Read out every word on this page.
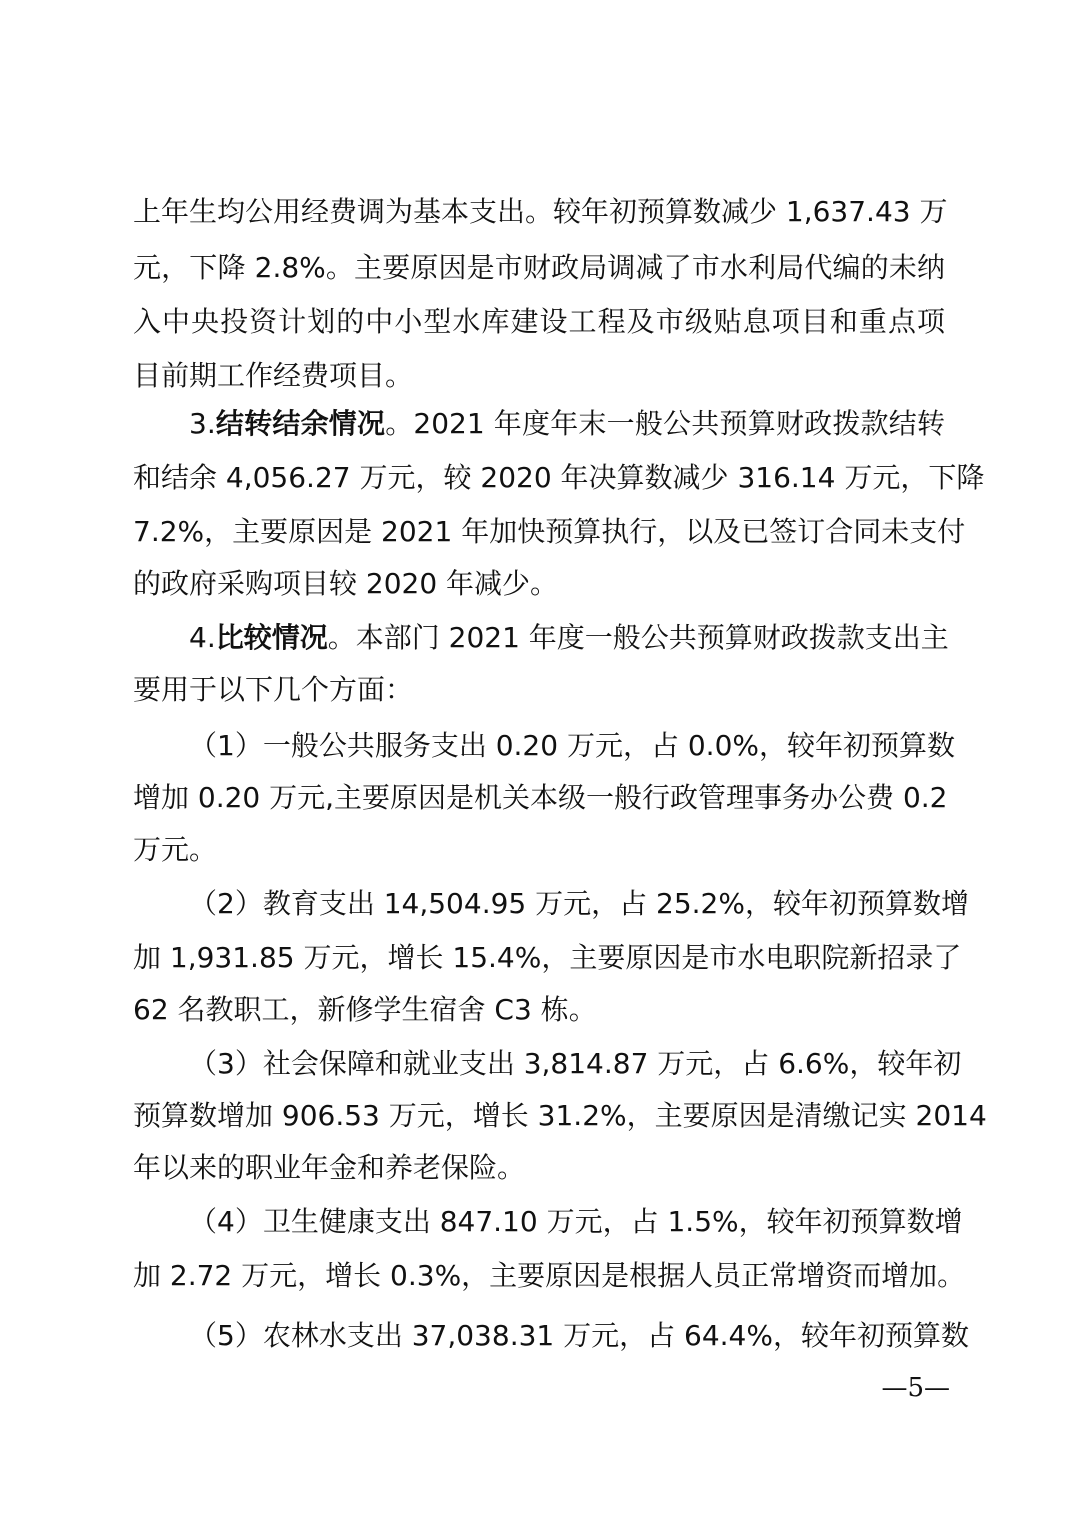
上年生均公用经费调为基本支出。较年初预算数减少 1,637.43 万
元，下降 2.8%。主要原因是市财政局调减了市水利局代编的未纳
入中央投资计划的中小型水库建设工程及市级贴息项目和重点项
目前期工作经费项目。
3.结转结余情况。2021 年度年末一般公共预算财政拨款结转
和结余 4,056.27 万元，较 2020 年决算数减少 316.14 万元，下降
7.2%，主要原因是 2021 年加快预算执行，以及已签订合同未支付
的政府采购项目较 2020 年减少。
4.比较情况。本部门 2021 年度一般公共预算财政拨款支出主
要用于以下几个方面：
（1）一般公共服务支出 0.20 万元，占 0.0%，较年初预算数
增加 0.20 万元,主要原因是机关本级一般行政管理事务办公费 0.2
万元。
（2）教育支出 14,504.95 万元，占 25.2%，较年初预算数增
加 1,931.85 万元，增长 15.4%，主要原因是市水电职院新招录了
62 名教职工，新修学生宿舍 C3 栋。
（3）社会保障和就业支出 3,814.87 万元，占 6.6%，较年初
预算数增加 906.53 万元，增长 31.2%，主要原因是清缴记实 2014
年以来的职业年金和养老保险。
（4）卫生健康支出 847.10 万元，占 1.5%，较年初预算数增
加 2.72 万元，增长 0.3%，主要原因是根据人员正常增资而增加。
（5）农林水支出 37,038.31 万元，占 64.4%，较年初预算数
—5—
